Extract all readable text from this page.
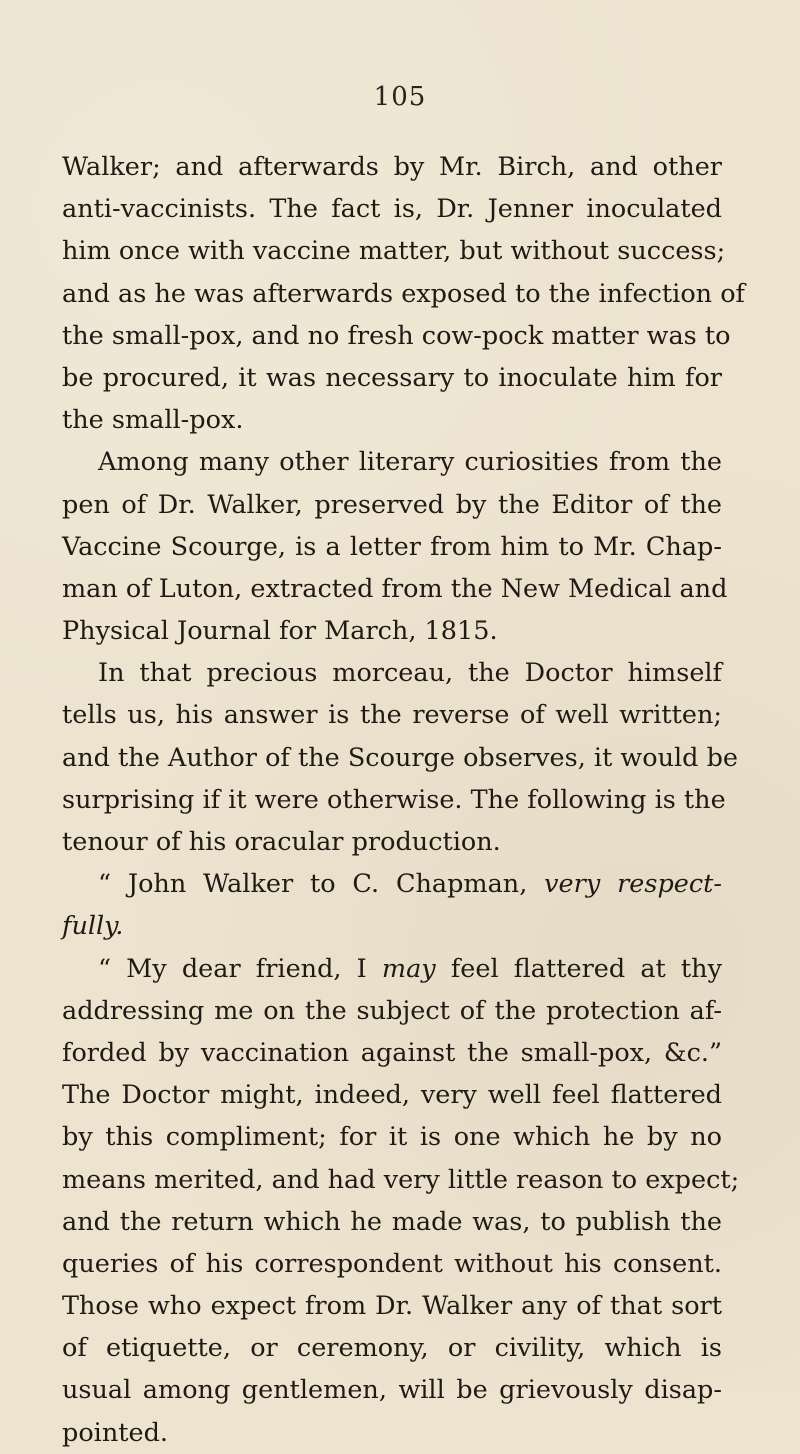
105
Walker; and afterwards by Mr. Birch, and other
anti-vaccinists. The fact is, Dr. Jenner inoculated
him once with vaccine matter, but without success;
and as he was afterwards exposed to the infection of
the small-pox, and no fresh cow-pock matter was to
be procured, it was necessary to inoculate him for
the small-pox.
Among many other literary curiosities from the
pen of Dr. Walker, preserved by the Editor of the
Vaccine Scourge, is a letter from him to Mr. Chap-
man of Luton, extracted from the New Medical and
Physical Journal for March, 1815.
In that precious morceau, the Doctor himself
tells us, his answer is the reverse of well written;
and the Author of the Scourge observes, it would be
surprising if it were otherwise. The following is the
tenour of his oracular production.
“ John Walker to C. Chapman, very respect-
fully.
“ My dear friend, I may feel flattered at thy
addressing me on the subject of the protection af-
forded by vaccination against the small-pox, &c.”
The Doctor might, indeed, very well feel flattered
by this compliment; for it is one which he by no
means merited, and had very little reason to expect;
and the return which he made was, to publish the
queries of his correspondent without his consent.
Those who expect from Dr. Walker any of that sort
of etiquette, or ceremony, or civility, which is
usual among gentlemen, will be grievously disap-
pointed.
